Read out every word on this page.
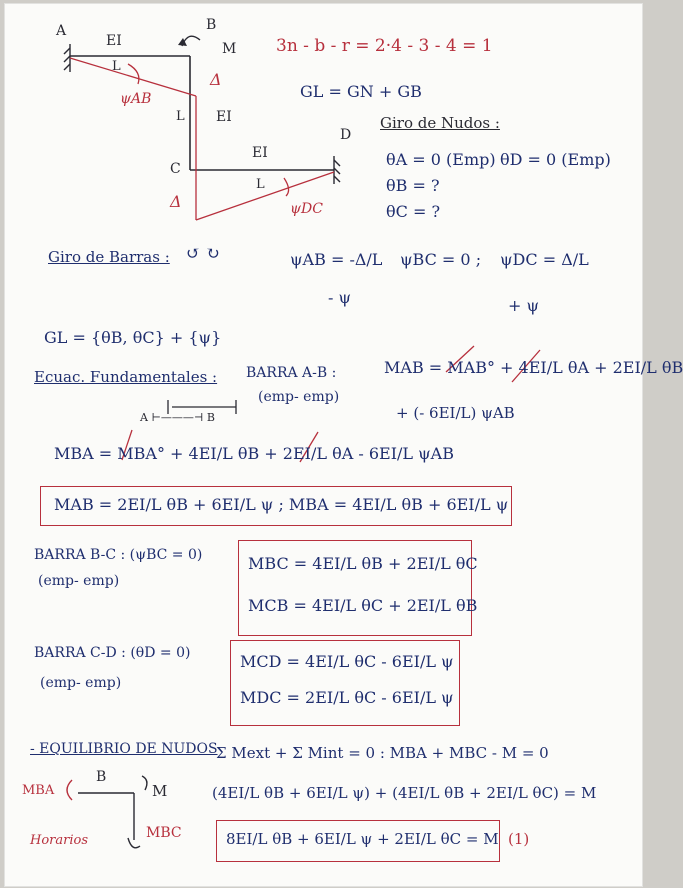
A	B
C
D
EI
EI
EI
L
L
L
M
Δ
Δ
ψAB
ψDC
3n - b - r = 2·4 - 3 - 4 = 1
GL = GN + GB
Giro de Nudos :
θA = 0 (Emp) θD = 0 (Emp)
θB = ?
θC = ?
Giro de Barras : ↺ ↻	ψAB = -Δ/L ψBC = 0 ; ψDC = Δ/L
- ψ	+ ψ
GL = {θB, θC} + {ψ}
Ecuac. Fundamentales : BARRA A-B :
(emp- emp)
MAB = MAB° + 4EI/L θA + 2EI/L θB
+ (- 6EI/L) ψAB
A ⊢———⊣ B
MBA = MBA° + 4EI/L θB + 2EI/L θA - 6EI/L ψAB
MAB = 2EI/L θB + 6EI/L ψ ; MBA = 4EI/L θB + 6EI/L ψ
BARRA B-C : (ψBC = 0)
(emp- emp)
MBC = 4EI/L θB + 2EI/L θC
MCB = 4EI/L θC + 2EI/L θB
BARRA C-D : (θD = 0)
(emp- emp)
MCD = 4EI/L θC - 6EI/L ψ
MDC = 2EI/L θC - 6EI/L ψ
- EQUILIBRIO DE NUDOS
Σ Mext + Σ Mint = 0 : MBA + MBC - M = 0
MBA
B
M
MBC
Horarios
(4EI/L θB + 6EI/L ψ) + (4EI/L θB + 2EI/L θC) = M
8EI/L θB + 6EI/L ψ + 2EI/L θC = M (1)
